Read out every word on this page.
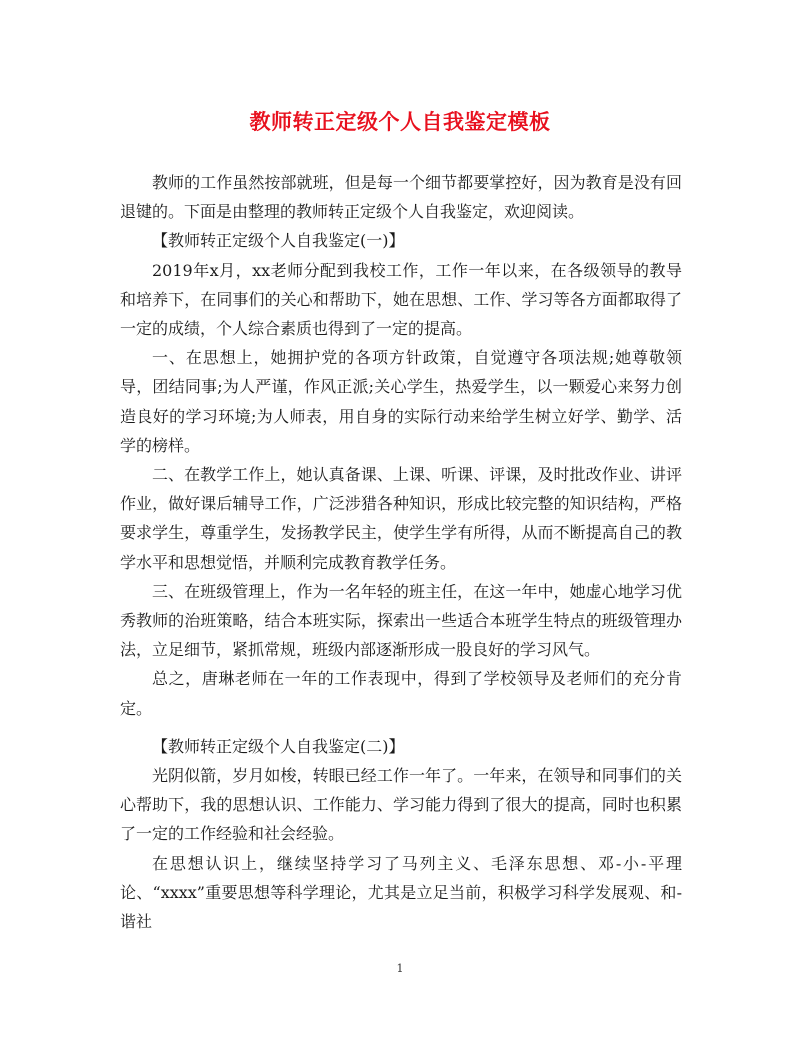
教师转正定级个人自我鉴定模板

教师的工作虽然按部就班，但是每一个细节都要掌控好，因为教育是没有回退键的。下面是由整理的教师转正定级个人自我鉴定，欢迎阅读。

【教师转正定级个人自我鉴定(一)】

2019年x月，xx老师分配到我校工作，工作一年以来，在各级领导的教导和培养下，在同事们的关心和帮助下，她在思想、工作、学习等各方面都取得了一定的成绩，个人综合素质也得到了一定的提高。

一、在思想上，她拥护党的各项方针政策，自觉遵守各项法规;她尊敬领导，团结同事;为人严谨，作风正派;关心学生，热爱学生，以一颗爱心来努力创造良好的学习环境;为人师表，用自身的实际行动来给学生树立好学、勤学、活学的榜样。

二、在教学工作上，她认真备课、上课、听课、评课，及时批改作业、讲评作业，做好课后辅导工作，广泛涉猎各种知识，形成比较完整的知识结构，严格要求学生，尊重学生，发扬教学民主，使学生学有所得，从而不断提高自己的教学水平和思想觉悟，并顺利完成教育教学任务。

三、在班级管理上，作为一名年轻的班主任，在这一年中，她虚心地学习优秀教师的治班策略，结合本班实际，探索出一些适合本班学生特点的班级管理办法，立足细节，紧抓常规，班级内部逐渐形成一股良好的学习风气。

总之，唐琳老师在一年的工作表现中，得到了学校领导及老师们的充分肯定。

【教师转正定级个人自我鉴定(二)】

光阴似箭，岁月如梭，转眼已经工作一年了。一年来，在领导和同事们的关心帮助下，我的思想认识、工作能力、学习能力得到了很大的提高，同时也积累了一定的工作经验和社会经验。

在思想认识上，继续坚持学习了马列主义、毛泽东思想、邓-小-平理论、“xxxx”重要思想等科学理论，尤其是立足当前，积极学习科学发展观、和-谐社

1
